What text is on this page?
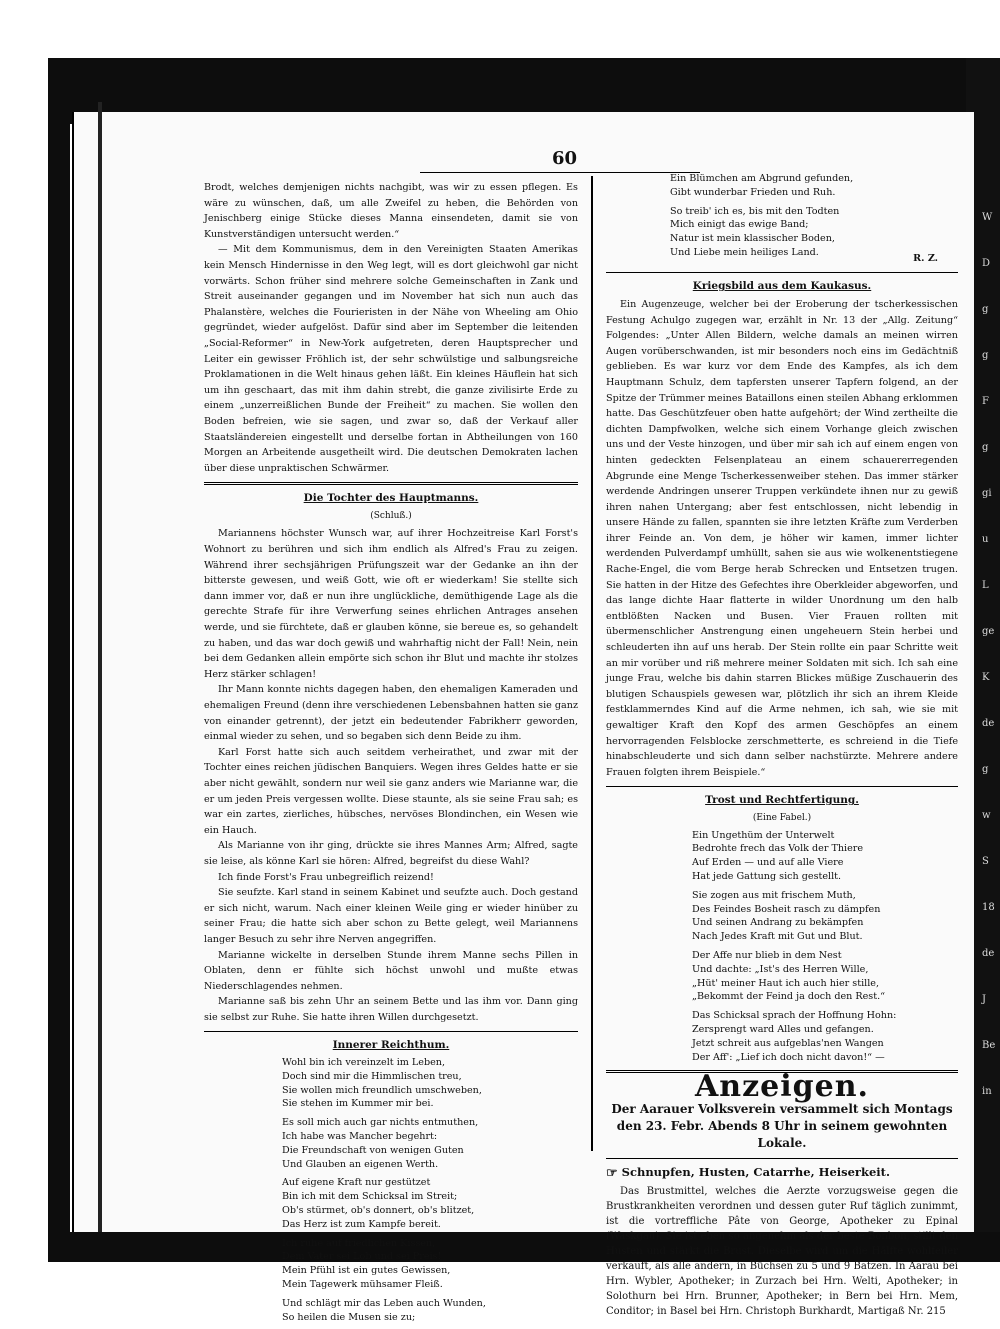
60

Brodt, welches demjenigen nichts nachgibt, was wir zu essen pflegen. Es wäre zu wünschen, daß, um alle Zweifel zu heben, die Behörden von Jenischberg einige Stücke dieses Manna einsendeten, damit sie von Kunstverständigen untersucht werden.“

— Mit dem Kommunismus, dem in den Vereinigten Staaten Amerikas kein Mensch Hindernisse in den Weg legt, will es dort gleichwohl gar nicht vorwärts. Schon früher sind mehrere solche Gemeinschaften in Zank und Streit auseinander gegangen und im November hat sich nun auch das Phalanstère, welches die Fourieristen in der Nähe von Wheeling am Ohio gegründet, wieder aufgelöst. Dafür sind aber im September die leitenden „Social-Reformer“ in New-York aufgetreten, deren Hauptsprecher und Leiter ein gewisser Fröhlich ist, der sehr schwülstige und salbungsreiche Proklamationen in die Welt hinaus gehen läßt. Ein kleines Häuflein hat sich um ihn geschaart, das mit ihm dahin strebt, die ganze zivilisirte Erde zu einem „unzerreißlichen Bunde der Freiheit“ zu machen. Sie wollen den Boden befreien, wie sie sagen, und zwar so, daß der Verkauf aller Staatsländereien eingestellt und derselbe fortan in Abtheilungen von 160 Morgen an Arbeitende ausgetheilt wird. Die deutschen Demokraten lachen über diese unpraktischen Schwärmer.

Die Tochter des Hauptmanns.
(Schluß.)

Mariannens höchster Wunsch war, auf ihrer Hochzeitreise Karl Forst's Wohnort zu berühren und sich ihm endlich als Alfred's Frau zu zeigen. Während ihrer sechsjährigen Prüfungszeit war der Gedanke an ihn der bitterste gewesen, und weiß Gott, wie oft er wiederkam! Sie stellte sich dann immer vor, daß er nun ihre unglückliche, demüthigende Lage als die gerechte Strafe für ihre Verwerfung seines ehrlichen Antrages ansehen werde, und sie fürchtete, daß er glauben könne, sie bereue es, so gehandelt zu haben, und das war doch gewiß und wahrhaftig nicht der Fall! Nein, nein bei dem Gedanken allein empörte sich schon ihr Blut und machte ihr stolzes Herz stärker schlagen!

Ihr Mann konnte nichts dagegen haben, den ehemaligen Kameraden und ehemaligen Freund (denn ihre verschiedenen Lebensbahnen hatten sie ganz von einander getrennt), der jetzt ein bedeutender Fabrikherr geworden, einmal wieder zu sehen, und so begaben sich denn Beide zu ihm.

Karl Forst hatte sich auch seitdem verheirathet, und zwar mit der Tochter eines reichen jüdischen Banquiers. Wegen ihres Geldes hatte er sie aber nicht gewählt, sondern nur weil sie ganz anders wie Marianne war, die er um jeden Preis vergessen wollte. Diese staunte, als sie seine Frau sah; es war ein zartes, zierliches, hübsches, nervöses Blondinchen, ein Wesen wie ein Hauch.

Als Marianne von ihr ging, drückte sie ihres Mannes Arm; Alfred, sagte sie leise, als könne Karl sie hören: Alfred, begreifst du diese Wahl?

Ich finde Forst's Frau unbegreiflich reizend!

Sie seufzte. Karl stand in seinem Kabinet und seufzte auch. Doch gestand er sich nicht, warum. Nach einer kleinen Weile ging er wieder hinüber zu seiner Frau; die hatte sich aber schon zu Bette gelegt, weil Mariannens langer Besuch zu sehr ihre Nerven angegriffen.

Marianne wickelte in derselben Stunde ihrem Manne sechs Pillen in Oblaten, denn er fühlte sich höchst unwohl und mußte etwas Niederschlagendes nehmen.

Marianne saß bis zehn Uhr an seinem Bette und las ihm vor. Dann ging sie selbst zur Ruhe. Sie hatte ihren Willen durchgesetzt.

Innerer Reichthum.
Wohl bin ich vereinzelt im Leben,
Doch sind mir die Himmlischen treu,
Sie wollen mich freundlich umschweben,
Sie stehen im Kummer mir bei.
Es soll mich auch gar nichts entmuthen,
Ich habe was Mancher begehrt:
Die Freundschaft von wenigen Guten
Und Glauben an eigenen Werth.
Auf eigene Kraft nur gestützet
Bin ich mit dem Schicksal im Streit;
Ob's stürmet, ob's donnert, ob's blitzet,
Das Herz ist zum Kampfe bereit.
Ich ruhe auf friedlichen Kissen,
Dem Vater sei Lob und sei Preis!
Mein Pfühl ist ein gutes Gewissen,
Mein Tagewerk mühsamer Fleiß.
Und schlägt mir das Leben auch Wunden,
So heilen die Musen sie zu;
Ein Blümchen am Abgrund gefunden,
Gibt wunderbar Frieden und Ruh.
So treib' ich es, bis mit den Todten
Mich einigt das ewige Band;
Natur ist mein klassischer Boden,
Und Liebe mein heiliges Land.
R. Z.
Kriegsbild aus dem Kaukasus.

Ein Augenzeuge, welcher bei der Eroberung der tscherkessischen Festung Achulgo zugegen war, erzählt in Nr. 13 der „Allg. Zeitung“ Folgendes: „Unter Allen Bildern, welche damals an meinen wirren Augen vorüberschwanden, ist mir besonders noch eins im Gedächtniß geblieben. Es war kurz vor dem Ende des Kampfes, als ich dem Hauptmann Schulz, dem tapfersten unserer Tapfern folgend, an der Spitze der Trümmer meines Bataillons einen steilen Abhang erklommen hatte. Das Geschützfeuer oben hatte aufgehört; der Wind zertheilte die dichten Dampfwolken, welche sich einem Vorhange gleich zwischen uns und der Veste hinzogen, und über mir sah ich auf einem engen von hinten gedeckten Felsenplateau an einem schauererregenden Abgrunde eine Menge Tscherkessenweiber stehen. Das immer stärker werdende Andringen unserer Truppen verkündete ihnen nur zu gewiß ihren nahen Untergang; aber fest entschlossen, nicht lebendig in unsere Hände zu fallen, spannten sie ihre letzten Kräfte zum Verderben ihrer Feinde an. Von dem, je höher wir kamen, immer lichter werdenden Pulverdampf umhüllt, sahen sie aus wie wolkenentstiegene Rache-Engel, die vom Berge herab Schrecken und Entsetzen trugen. Sie hatten in der Hitze des Gefechtes ihre Oberkleider abgeworfen, und das lange dichte Haar flatterte in wilder Unordnung um den halb entblößten Nacken und Busen. Vier Frauen rollten mit übermenschlicher Anstrengung einen ungeheuern Stein herbei und schleuderten ihn auf uns herab. Der Stein rollte ein paar Schritte weit an mir vorüber und riß mehrere meiner Soldaten mit sich. Ich sah eine junge Frau, welche bis dahin starren Blickes müßige Zuschauerin des blutigen Schauspiels gewesen war, plötzlich ihr sich an ihrem Kleide festklammerndes Kind auf die Arme nehmen, ich sah, wie sie mit gewaltiger Kraft den Kopf des armen Geschöpfes an einem hervorragenden Felsblocke zerschmetterte, es schreiend in die Tiefe hinabschleuderte und sich dann selber nachstürzte. Mehrere andere Frauen folgten ihrem Beispiele.“

Trost und Rechtfertigung.
(Eine Fabel.)
Ein Ungethüm der Unterwelt
Bedrohte frech das Volk der Thiere
Auf Erden — und auf alle Viere
Hat jede Gattung sich gestellt.
Sie zogen aus mit frischem Muth,
Des Feindes Bosheit rasch zu dämpfen
Und seinen Andrang zu bekämpfen
Nach Jedes Kraft mit Gut und Blut.
Der Affe nur blieb in dem Nest
Und dachte: „Ist's des Herren Wille,
„Hüt' meiner Haut ich auch hier stille,
„Bekommt der Feind ja doch den Rest.“
Das Schicksal sprach der Hoffnung Hohn:
Zersprengt ward Alles und gefangen.
Jetzt schreit aus aufgeblas'nen Wangen
Der Aff': „Lief ich doch nicht davon!“ —
Anzeigen.
Der Aarauer Volksverein versammelt sich Montags den 23. Febr. Abends 8 Uhr in seinem gewohnten Lokale.
☞ Schnupfen, Husten, Catarrhe, Heiserkeit.

Das Brustmittel, welches die Aerzte vorzugsweise gegen die Brustkrankheiten verordnen und dessen guter Ruf täglich zunimmt, ist die vortreffliche Pâte von George, Apotheker zu Epinal (Waskgau). Sie ist eben so angenehm als der beste Bonbon, stillt den Husten und stärkt die Brust. Dieselbe wird um die Hälfte wohlfeiler verkauft, als alle andern, in Büchsen zu 5 und 9 Batzen. In Aarau bei Hrn. Wybler, Apotheker; in Zurzach bei Hrn. Welti, Apotheker; in Solothurn bei Hrn. Brunner, Apotheker; in Bern bei Hrn. Mem, Conditor; in Basel bei Hrn. Christoph Burkhardt, Martigaß Nr. 215

W
D
g
g
F
g
gi
u
L
ge
K
de
g
w
S
18
de
J
Be
in
